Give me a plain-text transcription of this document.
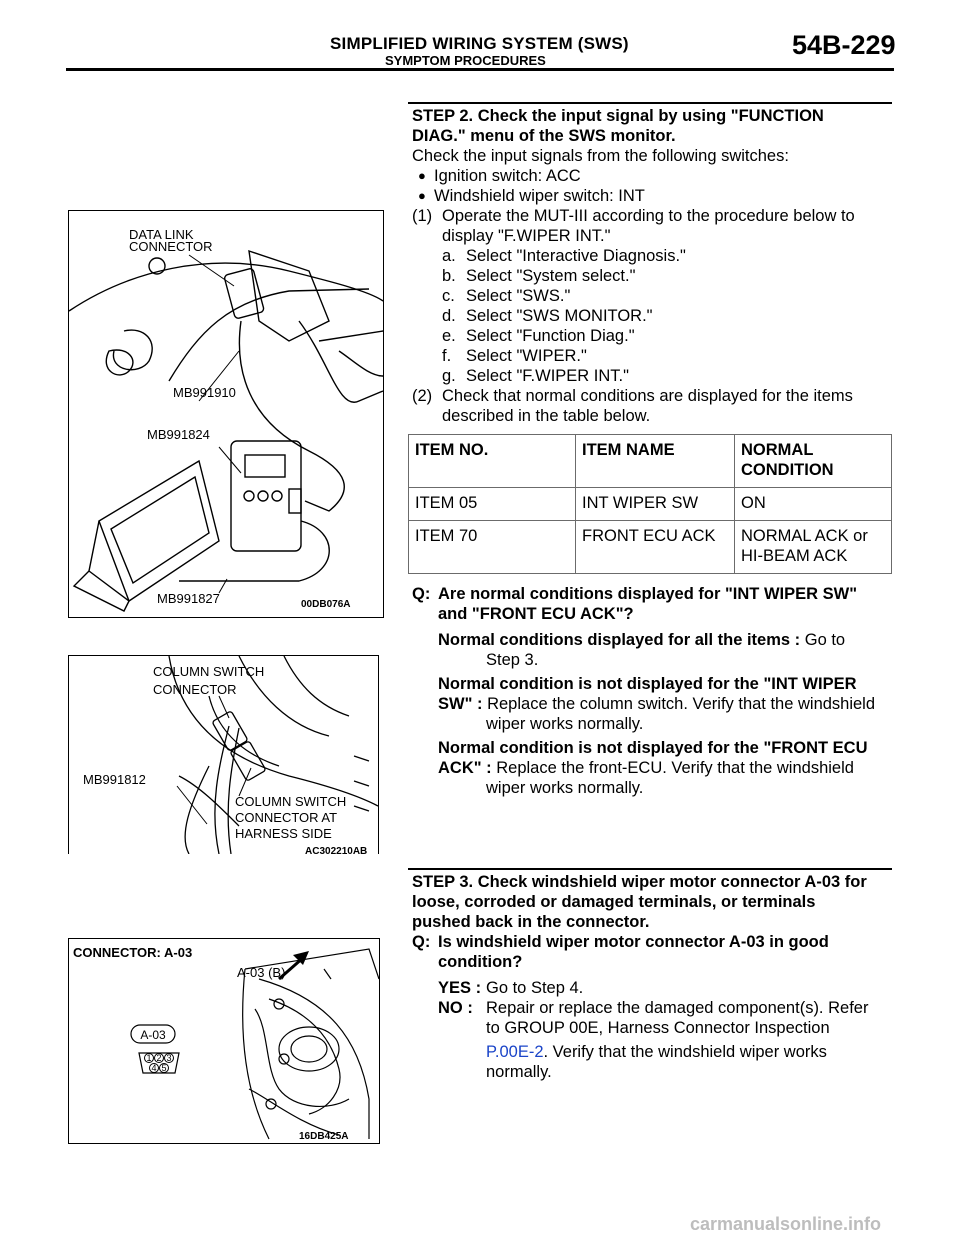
SIMPLIFIED WIRING SYSTEM (SWS)
SYMPTOM PROCEDURES
54B-229
STEP 2. Check the input signal by using "FUNCTION
DIAG." menu of the SWS monitor.
Check the input signals from the following switches:
● Ignition switch: ACC
● Windshield wiper switch: INT
(1) Operate the MUT-III according to the procedure below to
display "F.WIPER INT."
a. Select "Interactive Diagnosis."
b. Select "System select."
c. Select "SWS."
d. Select "SWS MONITOR."
e. Select "Function Diag."
f. Select "WIPER."
g. Select "F.WIPER INT."
(2) Check that normal conditions are displayed for the items
described in the table below.
ITEM NO.	ITEM NAME	NORMAL CONDITION

ITEM 05	INT WIPER SW	ON
ITEM 70	FRONT ECU ACK	NORMAL ACK or HI-BEAM ACK
Q: Are normal conditions displayed for "INT WIPER SW"
and "FRONT ECU ACK"?
Normal conditions displayed for all the items : Go to
Step 3.
Normal condition is not displayed for the "INT WIPER
SW" : Replace the column switch. Verify that the windshield
wiper works normally.
Normal condition is not displayed for the "FRONT ECU
ACK" : Replace the front-ECU. Verify that the windshield
wiper works normally.
STEP 3. Check windshield wiper motor connector A-03 for
loose, corroded or damaged terminals, or terminals
pushed back in the connector.
Q: Is windshield wiper motor connector A-03 in good
condition?
YES : Go to Step 4.
NO : Repair or replace the damaged component(s). Refer
to GROUP 00E, Harness Connector Inspection
P.00E-2. Verify that the windshield wiper works
normally.
DATA LINK
CONNECTOR
MB991910
MB991824
MB991827	00DB076A
COLUMN SWITCH
CONNECTOR
MB991812
COLUMN SWITCH
CONNECTOR AT
HARNESS SIDE
AC302210AB
CONNECTOR: A-03
A-03 (B)
A-03
1 2 3
4 5
16DB425A
carmanualsonline.info
